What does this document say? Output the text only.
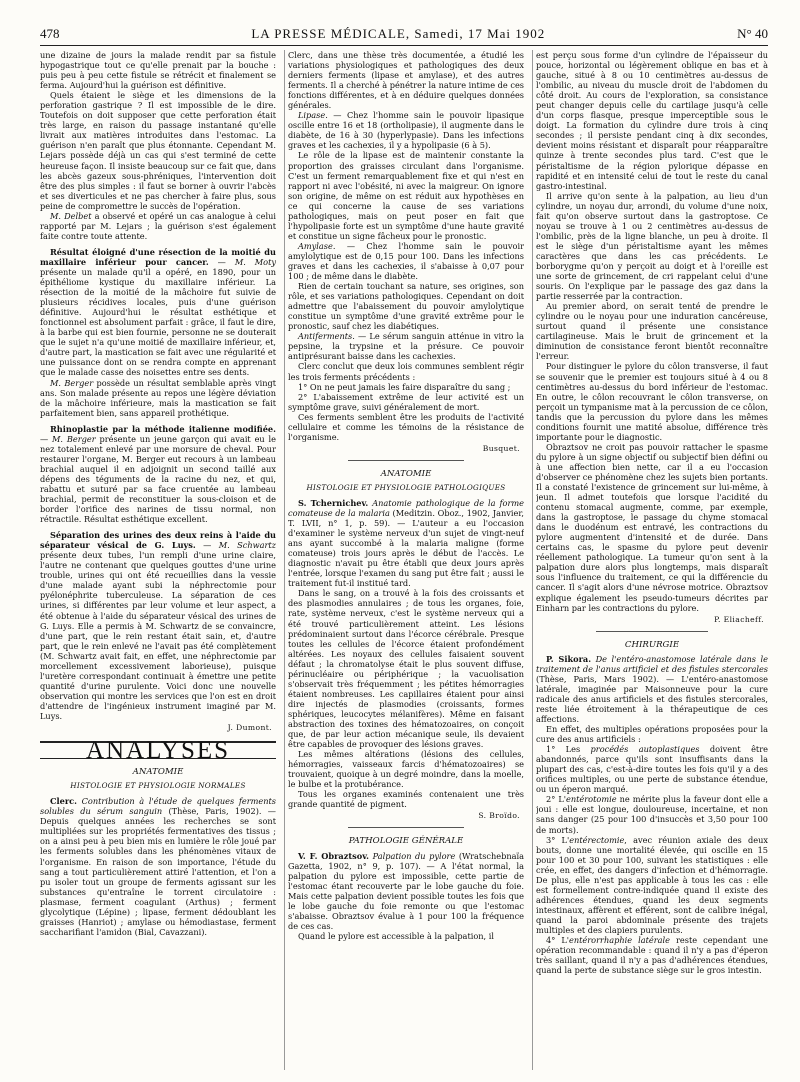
478	LA PRESSE MÉDICALE, Samedi, 17 Mai 1902	N° 40

une dizaine de jours la malade rendit par sa fistule hypogastrique tout ce qu'elle prenait par la bouche : puis peu à peu cette fistule se rétrécit et finalement se ferma. Aujourd'hui la guérison est définitive.

Quels étaient le siège et les dimensions de la perforation gastrique ? Il est impossible de le dire. Toutefois on doit supposer que cette perforation était très large, en raison du passage instantané qu'elle livrait aux matières introduites dans l'estomac. La guérison n'en paraît que plus étonnante. Cependant M. Lejars possède déjà un cas qui s'est terminé de cette heureuse façon. Il insiste beaucoup sur ce fait que, dans les abcès gazeux sous-phréniques, l'intervention doit être des plus simples : il faut se borner à ouvrir l'abcès et ses diverticules et ne pas chercher à faire plus, sous peine de compromettre le succès de l'opération.

M. Delbet a observé et opéré un cas analogue à celui rapporté par M. Lejars ; la guérison s'est également faite contre toute attente.

Résultat éloigné d'une résection de la moitié du maxillaire inférieur pour cancer. — M. Moty présente un malade qu'il a opéré, en 1890, pour un épithéliome kystique du maxillaire inférieur. La résection de la moitié de la mâchoire fut suivie de plusieurs récidives locales, puis d'une guérison définitive. Aujourd'hui le résultat esthétique et fonctionnel est absolument parfait : grâce, il faut le dire, à la barbe qui est bien fournie, personne ne se douterait que le sujet n'a qu'une moitié de maxillaire inférieur, et, d'autre part, la mastication se fait avec une régularité et une puissance dont on se rendra compte en apprenant que le malade casse des noisettes entre ses dents.

M. Berger possède un résultat semblable après vingt ans. Son malade présente au repos une légère déviation de la mâchoire inférieure, mais la mastication se fait parfaitement bien, sans appareil prothétique.

Rhinoplastie par la méthode italienne modifiée. — M. Berger présente un jeune garçon qui avait eu le nez totalement enlevé par une morsure de cheval. Pour restaurer l'organe, M. Berger eut recours à un lambeau brachial auquel il en adjoignit un second taillé aux dépens des téguments de la racine du nez, et qui, rabattu et suturé par sa face cruentée au lambeau brachial, permit de reconstituer la sous-cloison et de border l'orifice des narines de tissu normal, non rétractile. Résultat esthétique excellent.

Séparation des urines des deux reins à l'aide du séparateur vésical de G. Luys. — M. Schwartz présente deux tubes, l'un rempli d'une urine claire, l'autre ne contenant que quelques gouttes d'une urine trouble, urines qui ont été recueillies dans la vessie d'une malade ayant subi la néphrectomie pour pyélonéphrite tuberculeuse. La séparation de ces urines, si différentes par leur volume et leur aspect, a été obtenue à l'aide du séparateur vésical des urines de G. Luys. Elle a permis à M. Schwartz de se convaincre, d'une part, que le rein restant était sain, et, d'autre part, que le rein enlevé ne l'avait pas été complètement (M. Schwartz avait fait, en effet, une néphrectomie par morcellement excessivement laborieuse), puisque l'uretère correspondant continuait à émettre une petite quantité d'urine purulente. Voici donc une nouvelle observation qui montre les services que l'on est en droit d'attendre de l'ingénieux instrument imaginé par M. Luys.

J. Dumont.
ANALYSES
ANATOMIE
HISTOLOGIE ET PHYSIOLOGIE NORMALES

Clerc. Contribution à l'étude de quelques ferments solubles du sérum sanguin (Thèse, Paris, 1902). — Depuis quelques années les recherches se sont multipliées sur les propriétés fermentatives des tissus ; on a ainsi peu à peu bien mis en lumière le rôle joué par les ferments solubles dans les phénomènes vitaux de l'organisme. En raison de son importance, l'étude du sang a tout particulièrement attiré l'attention, et l'on a pu isoler tout un groupe de ferments agissant sur les substances qu'entraîne le torrent circulatoire : plasmase, ferment coagulant (Arthus) ; ferment glycolytique (Lépine) ; lipase, ferment dédoublant les graisses (Hanriot) ; amylase ou hémodiastase, ferment saccharifiant l'amidon (Bial, Cavazzani).

Clerc, dans une thèse très documentée, a étudié les variations physiologiques et pathologiques des deux derniers ferments (lipase et amylase), et des autres ferments. Il a cherché à pénétrer la nature intime de ces fonctions différentes, et à en déduire quelques données générales.

Lipase. — Chez l'homme sain le pouvoir lipasique oscille entre 16 et 18 (ortholipasie), il augmente dans le diabète, de 16 à 30 (hyperlypasie). Dans les infections graves et les cachexies, il y a hypolipasie (6 à 5).

Le rôle de la lipase est de maintenir constante la proportion des graisses circulant dans l'organisme. C'est un ferment remarquablement fixe et qui n'est en rapport ni avec l'obésité, ni avec la maigreur. On ignore son origine, de même on est réduit aux hypothèses en ce qui concerne la cause de ses variations pathologiques, mais on peut poser en fait que l'hypolipasie forte est un symptôme d'une haute gravité et constitue un signe fâcheux pour le pronostic.

Amylase. — Chez l'homme sain le pouvoir amylolytique est de 0,15 pour 100. Dans les infections graves et dans les cachexies, il s'abaisse à 0,07 pour 100 ; de même dans le diabète.

Rien de certain touchant sa nature, ses origines, son rôle, et ses variations pathologiques. Cependant on doit admettre que l'abaissement du pouvoir amylolytique constitue un symptôme d'une gravité extrême pour le pronostic, sauf chez les diabétiques.

Antiferments. — Le sérum sanguin atténue in vitro la pepsine, la trypsine et la présure. Ce pouvoir antiprésurant baisse dans les cachexies.

Clerc conclut que deux lois communes semblent régir les trois ferments précédents :

1° On ne peut jamais les faire disparaître du sang ;

2° L'abaissement extrême de leur activité est un symptôme grave, suivi généralement de mort.

Ces ferments semblent être les produits de l'activité cellulaire et comme les témoins de la résistance de l'organisme.

Busquet.
ANATOMIE
HISTOLOGIE ET PHYSIOLOGIE PATHOLOGIQUES

S. Tchernichev. Anatomie pathologique de la forme comateuse de la malaria (Meditzin. Oboz., 1902, Janvier, T. LVII, n° 1, p. 59). — L'auteur a eu l'occasion d'examiner le système nerveux d'un sujet de vingt-neuf ans ayant succombé à la malaria maligne (forme comateuse) trois jours après le début de l'accès. Le diagnostic n'avait pu être établi que deux jours après l'entrée, lorsque l'examen du sang put être fait ; aussi le traitement fut-il institué tard.

Dans le sang, on a trouvé à la fois des croissants et des plasmodies annulaires ; de tous les organes, foie, rate, système nerveux, c'est le système nerveux qui a été trouvé particulièrement atteint. Les lésions prédominaient surtout dans l'écorce cérébrale. Presque toutes les cellules de l'écorce étaient profondément altérées. Les noyaux des cellules faisaient souvent défaut ; la chromatolyse était le plus souvent diffuse, périnucléaire ou périphérique ; la vacuolisation s'observait très fréquemment ; les pétites hémorragies étaient nombreuses. Les capillaires étaient pour ainsi dire injectés de plasmodies (croissants, formes sphériques, leucocytes mélanifères). Même en faisant abstraction des toxines des hématozoaires, on conçoit que, de par leur action mécanique seule, ils devaient être capables de provoquer des lésions graves.

Les mêmes altérations (lésions des cellules, hémorragies, vaisseaux farcis d'hématozoaires) se trouvaient, quoique à un degré moindre, dans la moelle, le bulbe et la protubérance.

Tous les organes examinés contenaient une très grande quantité de pigment.

S. Broïdo.
PATHOLOGIE GÉNÉRALE

V. F. Obraztsov. Palpation du pylore (Wratschebnaïa Gazetta, 1902, n° 9, p. 107). — A l'état normal, la palpation du pylore est impossible, cette partie de l'estomac étant recouverte par le lobe gauche du foie. Mais cette palpation devient possible toutes les fois que le lobe gauche du foie remonte ou que l'estomac s'abaisse. Obraztsov évalue à 1 pour 100 la fréquence de ces cas.

Quand le pylore est accessible à la palpation, il

est perçu sous forme d'un cylindre de l'épaisseur du pouce, horizontal ou légèrement oblique en bas et à gauche, situé à 8 ou 10 centimètres au-dessus de l'ombilic, au niveau du muscle droit de l'abdomen du côté droit. Au cours de l'exploration, sa consistance peut changer depuis celle du cartilage jusqu'à celle d'un corps flasque, presque imperceptible sous le doigt. La formation du cylindre dure trois à cinq secondes ; il persiste pendant cinq à dix secondes, devient moins résistant et disparaît pour réapparaître quinze à trente secondes plus tard. C'est que le péristaltisme de la région pylorique dépasse en rapidité et en intensité celui de tout le reste du canal gastro-intestinal.

Il arrive qu'on sente à la palpation, au lieu d'un cylindre, un noyau dur, arrondi, du volume d'une noix, fait qu'on observe surtout dans la gastroptose. Ce noyau se trouve à 1 ou 2 centimètres au-dessus de l'ombilic, près de la ligne blanche, un peu à droite. Il est le siège d'un péristaltisme ayant les mêmes caractères que dans les cas précédents. Le borborygme qu'on y perçoit au doigt et à l'oreille est une sorte de grincement, de cri rappelant celui d'une souris. On l'explique par le passage des gaz dans la partie resserrée par la contraction.

Au premier abord, on serait tenté de prendre le cylindre ou le noyau pour une induration cancéreuse, surtout quand il présente une consistance cartilagineuse. Mais le bruit de grincement et la diminution de consistance feront bientôt reconnaître l'erreur.

Pour distinguer le pylore du côlon transverse, il faut se souvenir que le premier est toujours situé à 4 ou 8 centimètres au-dessus du bord inférieur de l'estomac. En outre, le côlon recouvrant le côlon transverse, on perçoit un tympanisme mat à la percussion de ce côlon, tandis que la percussion du pylore dans les mêmes conditions fournit une matité absolue, différence très importante pour le diagnostic.

Obraztsov ne croit pas pouvoir rattacher le spasme du pylore à un signe objectif ou subjectif bien défini ou à une affection bien nette, car il a eu l'occasion d'observer ce phénomène chez les sujets bien portants. Il a constaté l'existence de grincement sur lui-même, à jeun. Il admet toutefois que lorsque l'acidité du contenu stomacal augmente, comme, par exemple, dans la gastroptose, le passage du chyme stomacal dans le duodénum est entravé, les contractions du pylore augmentent d'intensité et de durée. Dans certains cas, le spasme du pylore peut devenir réellement pathologique. La tumeur qu'on sent à la palpation dure alors plus longtemps, mais disparaît sous l'influence du traitement, ce qui la différencie du cancer. Il s'agit alors d'une névrose motrice. Obraztsov explique également les pseudo-tumeurs décrites par Einharn par les contractions du pylore.

P. Eliacheff.
CHIRURGIE

P. Sikora. De l'entéro-anastomose latérale dans le traitement de l'anus artificiel et des fistules stercorales (Thèse, Paris, Mars 1902). — L'entéro-anastomose latérale, imaginée par Maisonneuve pour la cure radicale des anus artificiels et des fistules stercorales, reste liée étroitement à la thérapeutique de ces affections.

En effet, des multiples opérations proposées pour la cure des anus artificiels :

1° Les procédés autoplastiques doivent être abandonnés, parce qu'ils sont insuffisants dans la plupart des cas, c'est-à-dire toutes les fois qu'il y a des orifices multiples, ou une perte de substance étendue, ou un éperon marqué.

2° L'entérotomie ne mérite plus la faveur dont elle a joui : elle est longue, douloureuse, incertaine, et non sans danger (25 pour 100 d'insuccès et 3,50 pour 100 de morts).

3° L'entérectomie, avec réunion axiale des deux bouts, donne une mortalité élevée, qui oscille en 15 pour 100 et 30 pour 100, suivant les statistiques : elle crée, en effet, des dangers d'infection et d'hémorragie. De plus, elle n'est pas applicable à tous les cas : elle est formellement contre-indiquée quand il existe des adhérences étendues, quand les deux segments intestinaux, affèrent et efférent, sont de calibre inégal, quand la paroi abdominale présente des trajets multiples et des clapiers purulents.

4° L'entérorrhaphie latérale reste cependant une opération recommandable : quand il n'y a pas d'éperon très saillant, quand il n'y a pas d'adhérences étendues, quand la perte de substance siège sur le gros intestin.
